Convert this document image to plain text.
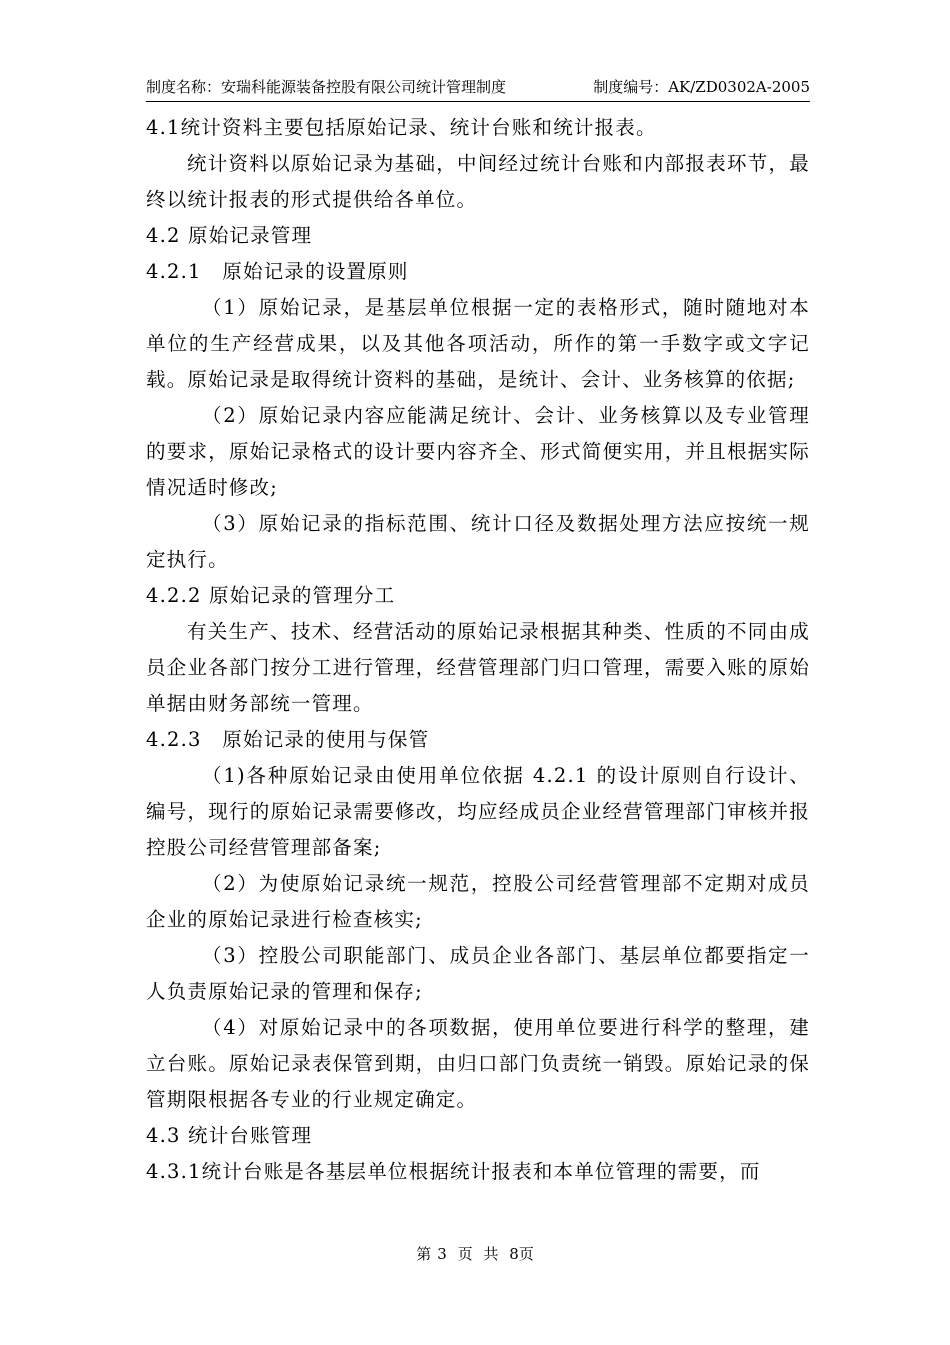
制度名称：安瑞科能源装备控股有限公司统计管理制度	制度编号：AK/ZD0302A-2005

4.1统计资料主要包括原始记录、统计台账和统计报表。

统计资料以原始记录为基础，中间经过统计台账和内部报表环节，最终以统计报表的形式提供给各单位。

4.2 原始记录管理

4.2.1　原始记录的设置原则

（1）原始记录，是基层单位根据一定的表格形式，随时随地对本单位的生产经营成果，以及其他各项活动，所作的第一手数字或文字记载。原始记录是取得统计资料的基础，是统计、会计、业务核算的依据;

（2）原始记录内容应能满足统计、会计、业务核算以及专业管理的要求，原始记录格式的设计要内容齐全、形式简便实用，并且根据实际情况适时修改;

（3）原始记录的指标范围、统计口径及数据处理方法应按统一规定执行。

4.2.2 原始记录的管理分工

有关生产、技术、经营活动的原始记录根据其种类、性质的不同由成员企业各部门按分工进行管理，经营管理部门归口管理，需要入账的原始单据由财务部统一管理。

4.2.3　原始记录的使用与保管

（1)各种原始记录由使用单位依据 4.2.1 的设计原则自行设计、编号，现行的原始记录需要修改，均应经成员企业经营管理部门审核并报控股公司经营管理部备案;

（2）为使原始记录统一规范，控股公司经营管理部不定期对成员企业的原始记录进行检查核实;

（3）控股公司职能部门、成员企业各部门、基层单位都要指定一人负责原始记录的管理和保存;

（4）对原始记录中的各项数据，使用单位要进行科学的整理，建立台账。原始记录表保管到期，由归口部门负责统一销毁。原始记录的保管期限根据各专业的行业规定确定。

4.3 统计台账管理

4.3.1统计台账是各基层单位根据统计报表和本单位管理的需要，而

第 3 页 共 8页
